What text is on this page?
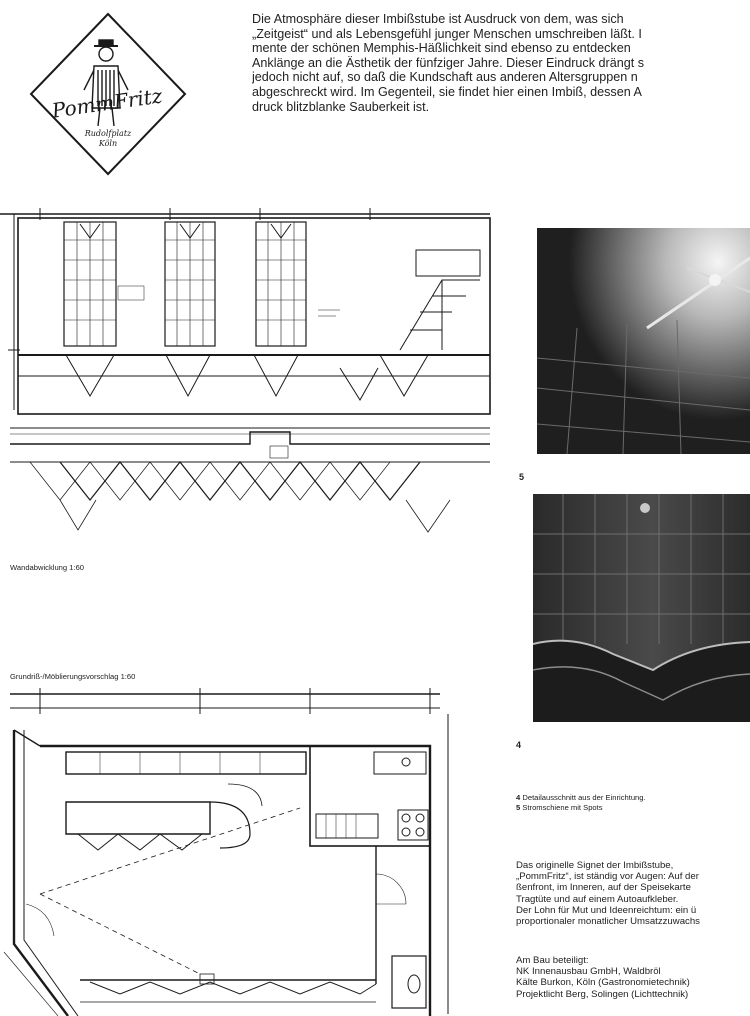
PommFritz
Rudolfplatz
Köln
Die Atmosphäre dieser Imbißstube ist Ausdruck von dem, was sich
„Zeitgeist“ und als Lebensgefühl junger Menschen umschreiben läßt. I
mente der schönen Memphis-Häßlichkeit sind ebenso zu entdecken
Anklänge an die Ästhetik der fünfziger Jahre. Dieser Eindruck drängt s
jedoch nicht auf, so daß die Kundschaft aus anderen Altersgruppen n
abgeschreckt wird. Im Gegenteil, sie findet hier einen Imbiß, dessen A
druck blitzblanke Sauberkeit ist.
Wandabwicklung 1:60
Grundriß-/Möblierungsvorschlag 1:60
5
4
4 Detailausschnitt aus der Einrichtung.
5 Stromschiene mit Spots
Das originelle Signet der Imbißstube,
„PommFritz“, ist ständig vor Augen: Auf der
ßenfront, im Inneren, auf der Speisekarte
Tragtüte und auf einem Autoaufkleber.
Der Lohn für Mut und Ideenreichtum: ein ü
proportionaler monatlicher Umsatzzuwachs
Am Bau beteiligt:
NK Innenausbau GmbH, Waldbröl
Kälte Burkon, Köln (Gastronomietechnik)
Projektlicht Berg, Solingen (Lichttechnik)
